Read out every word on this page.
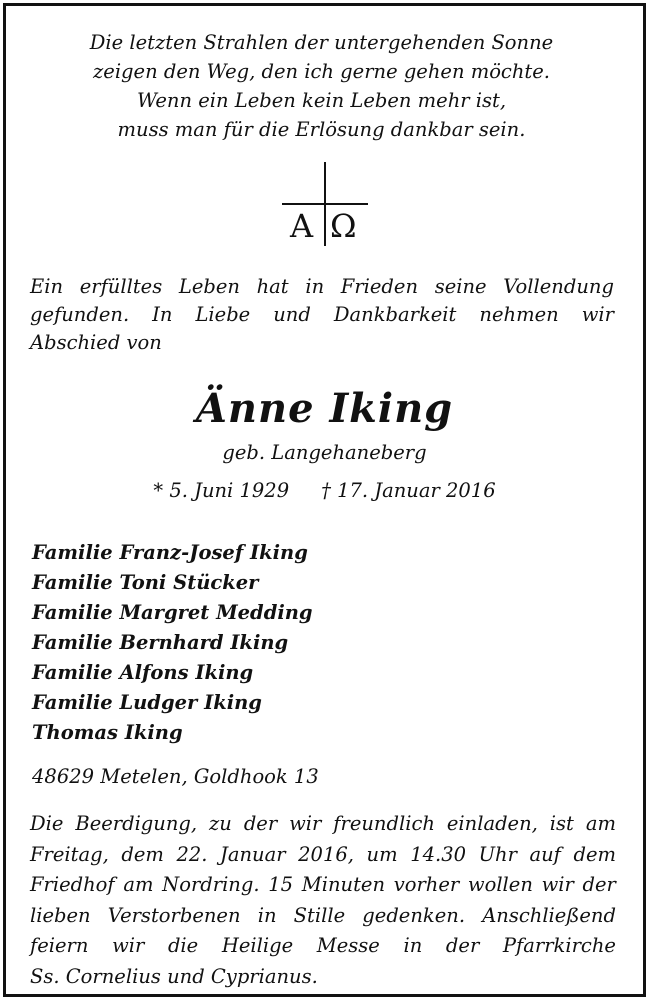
Die letzten Strahlen der untergehenden Sonne
zeigen den Weg, den ich gerne gehen möchte.
Wenn ein Leben kein Leben mehr ist,
muss man für die Erlösung dankbar sein.
A Ω
Ein erfülltes Leben hat in Frieden seine Vollendung
gefunden. In Liebe und Dankbarkeit nehmen wir
Abschied von
Änne Iking
geb. Langehaneberg
* 5. Juni 1929 † 17. Januar 2016
Familie Franz-Josef Iking
Familie Toni Stücker
Familie Margret Medding
Familie Bernhard Iking
Familie Alfons Iking
Familie Ludger Iking
Thomas Iking
48629 Metelen, Goldhook 13
Die Beerdigung, zu der wir freundlich einladen, ist am
Freitag, dem 22. Januar 2016, um 14.30 Uhr auf dem
Friedhof am Nordring. 15 Minuten vorher wollen wir der
lieben Verstorbenen in Stille gedenken. Anschließend
feiern wir die Heilige Messe in der Pfarrkirche
Ss. Cornelius und Cyprianus.
